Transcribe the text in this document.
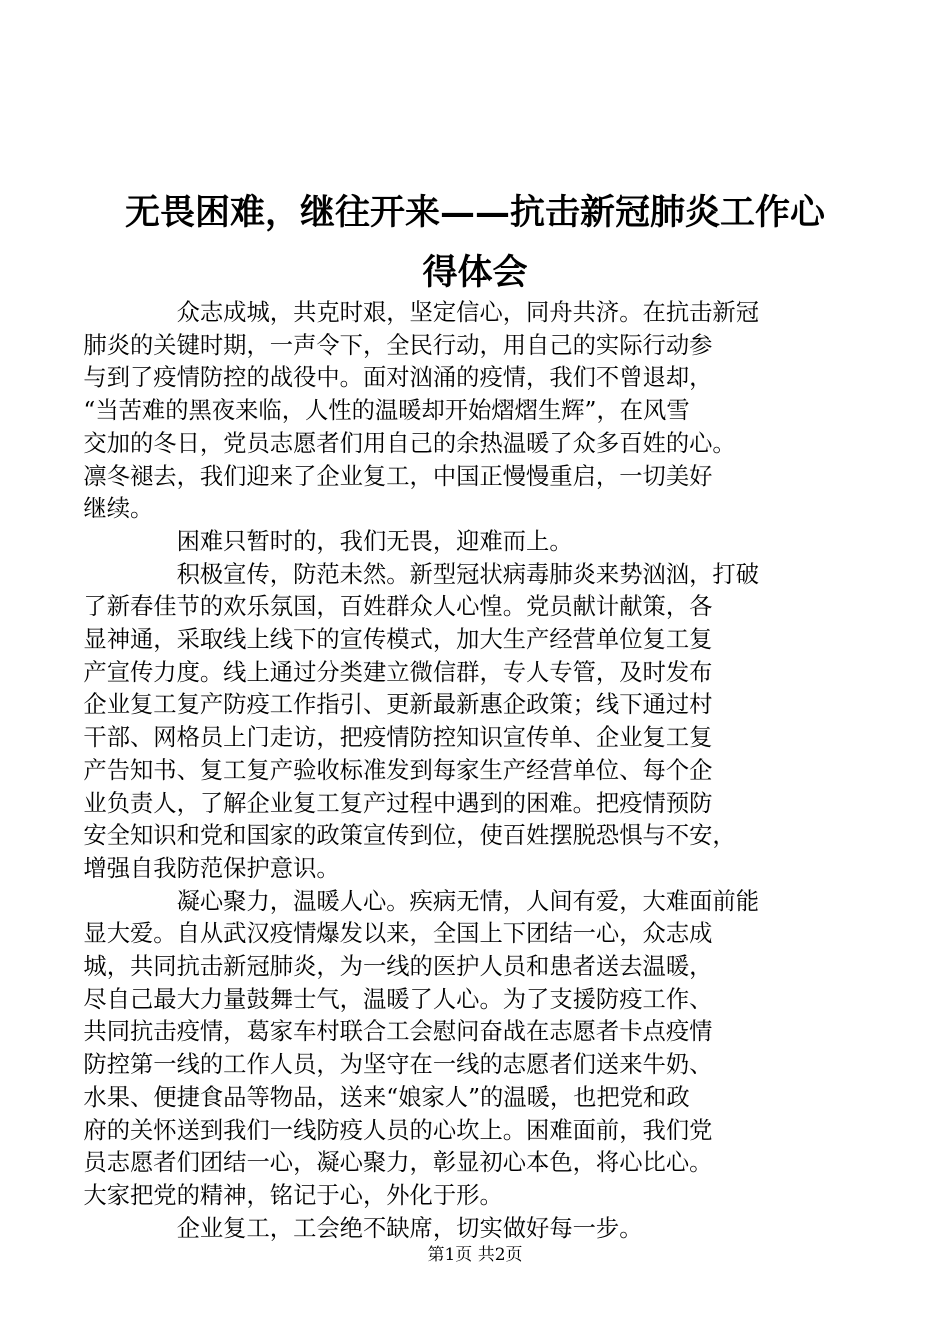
无畏困难，继往开来——抗击新冠肺炎工作心
得体会

众志成城，共克时艰，坚定信心，同舟共济。在抗击新冠
肺炎的关键时期，一声令下，全民行动，用自己的实际行动参
与到了疫情防控的战役中。面对汹涌的疫情，我们不曾退却，
“当苦难的黑夜来临，人性的温暖却开始熠熠生辉”，在风雪
交加的冬日，党员志愿者们用自己的余热温暖了众多百姓的心。
凛冬褪去，我们迎来了企业复工，中国正慢慢重启，一切美好
继续。

困难只暂时的，我们无畏，迎难而上。

积极宣传，防范未然。新型冠状病毒肺炎来势汹汹，打破
了新春佳节的欢乐氛国，百姓群众人心惶。党员献计献策，各
显神通，采取线上线下的宣传模式，加大生产经营单位复工复
产宣传力度。线上通过分类建立微信群，专人专管，及时发布
企业复工复产防疫工作指引、更新最新惠企政策；线下通过村
干部、网格员上门走访，把疫情防控知识宣传单、企业复工复
产告知书、复工复产验收标准发到每家生产经营单位、每个企
业负责人，了解企业复工复产过程中遇到的困难。把疫情预防
安全知识和党和国家的政策宣传到位，使百姓摆脱恐惧与不安，
增强自我防范保护意识。

凝心聚力，温暖人心。疾病无情，人间有爱，大难面前能
显大爱。自从武汉疫情爆发以来，全国上下团结一心，众志成
城，共同抗击新冠肺炎，为一线的医护人员和患者送去温暖，
尽自己最大力量鼓舞士气，温暖了人心。为了支援防疫工作、
共同抗击疫情，葛家车村联合工会慰问奋战在志愿者卡点疫情
防控第一线的工作人员，为坚守在一线的志愿者们送来牛奶、
水果、便捷食品等物品，送来“娘家人”的温暖，也把党和政
府的关怀送到我们一线防疫人员的心坎上。困难面前，我们党
员志愿者们团结一心，凝心聚力，彰显初心本色，将心比心。
大家把党的精神，铭记于心，外化于形。

企业复工，工会绝不缺席，切实做好每一步。

第1页 共2页
